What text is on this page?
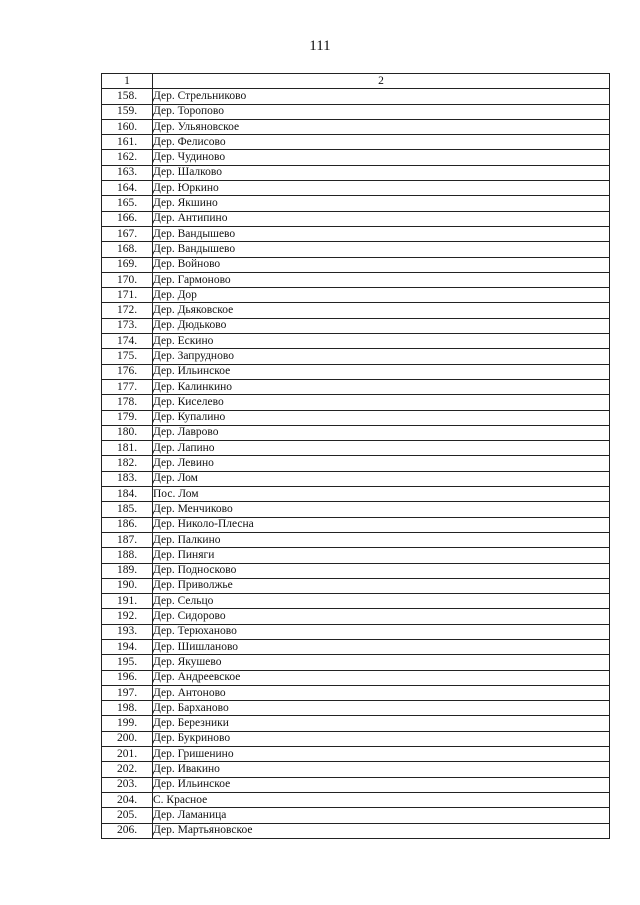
111
1	2
158.	Дер. Стрельниково
159.	Дер. Торопово
160.	Дер. Ульяновское
161.	Дер. Фелисово
162.	Дер. Чудиново
163.	Дер. Шалково
164.	Дер. Юркино
165.	Дер. Якшино
166.	Дер. Антипино
167.	Дер. Вандышево
168.	Дер. Вандышево
169.	Дер. Войново
170.	Дер. Гармоново
171.	Дер. Дор
172.	Дер. Дьяковское
173.	Дер. Дюдьково
174.	Дер. Ескино
175.	Дер. Запрудново
176.	Дер. Ильинское
177.	Дер. Калинкино
178.	Дер. Киселево
179.	Дер. Купалино
180.	Дер. Лаврово
181.	Дер. Лапино
182.	Дер. Левино
183.	Дер. Лом
184.	Пос. Лом
185.	Дер. Менчиково
186.	Дер. Николо-Плесна
187.	Дер. Палкино
188.	Дер. Пиняги
189.	Дер. Подносково
190.	Дер. Приволжье
191.	Дер. Сельцо
192.	Дер. Сидорово
193.	Дер. Терюханово
194.	Дер. Шишланово
195.	Дер. Якушево
196.	Дер. Андреевское
197.	Дер. Антоново
198.	Дер. Барханово
199.	Дер. Березники
200.	Дер. Букриново
201.	Дер. Гришенино
202.	Дер. Ивакино
203.	Дер. Ильинское
204.	С. Красное
205.	Дер. Ламаница
206.	Дер. Мартьяновское
